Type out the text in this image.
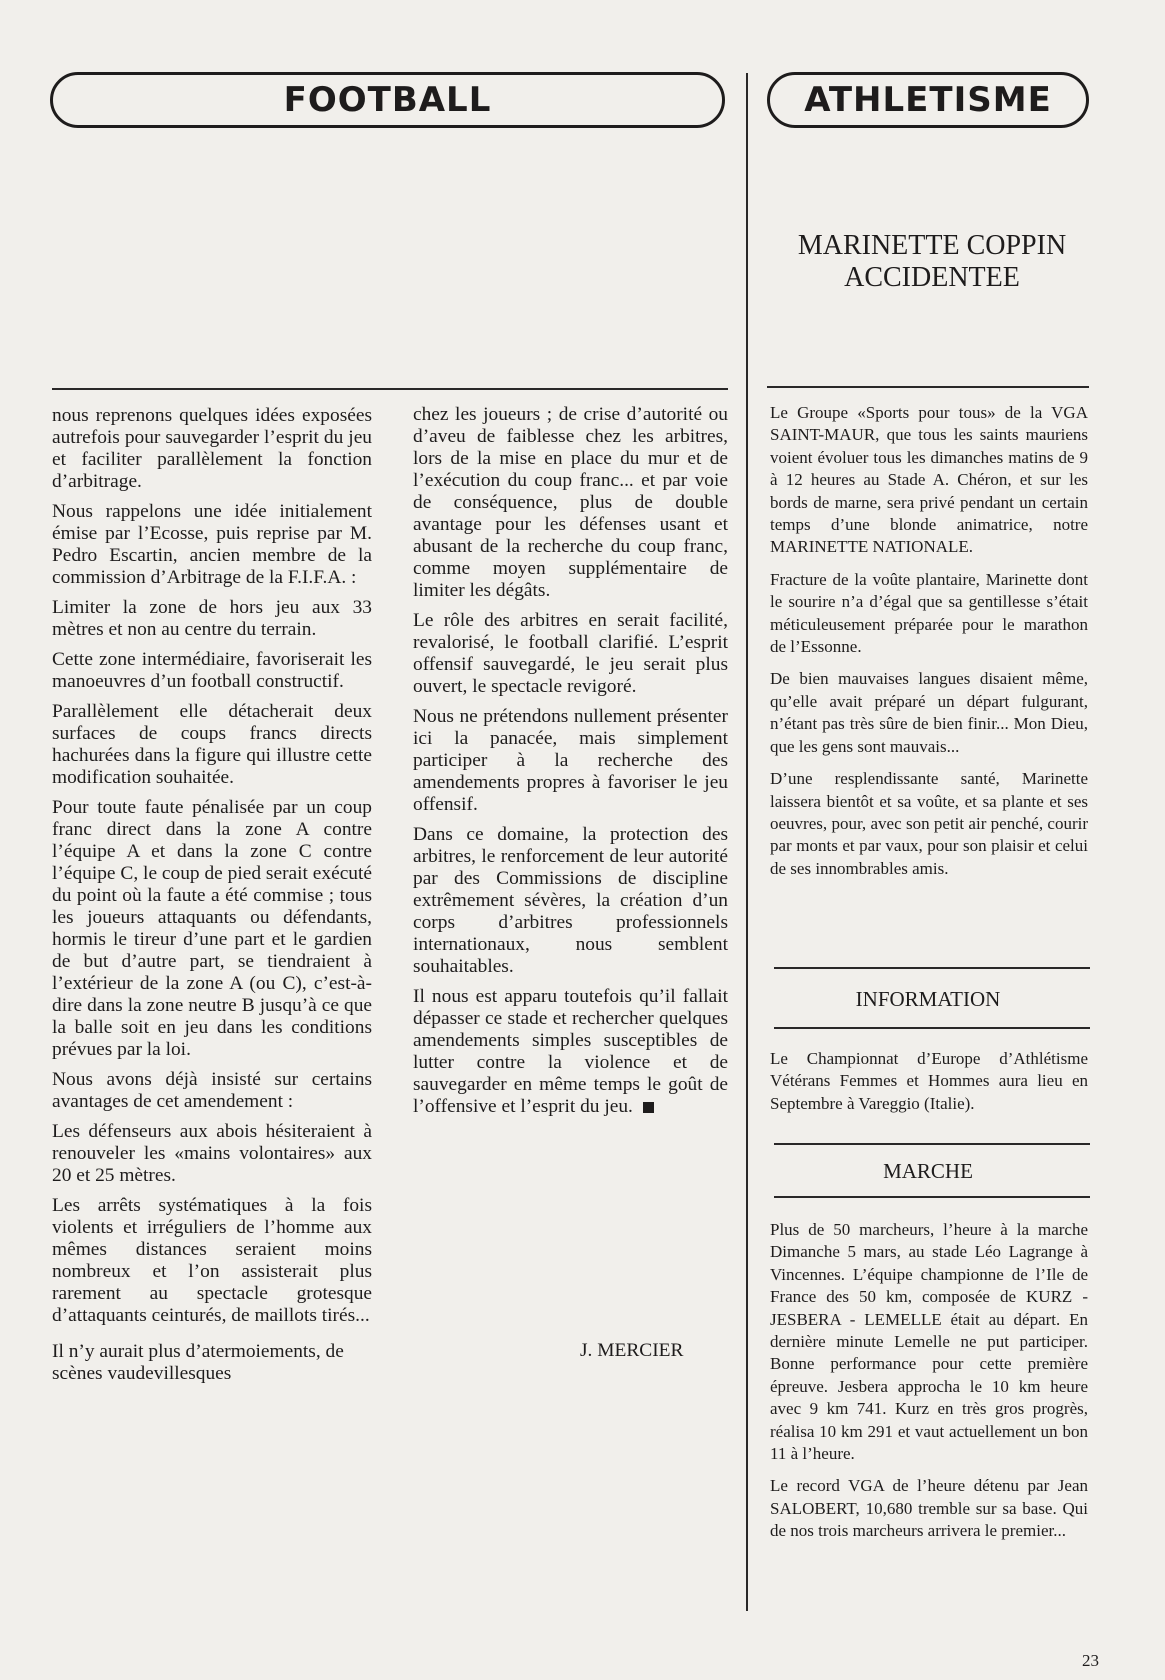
FOOTBALL	ATHLETISME

nous reprenons quelques idées exposées autrefois pour sauvegarder l’esprit du jeu et faciliter parallèlement la fonction d’arbitrage.

Nous rappelons une idée initialement émise par l’Ecosse, puis reprise par M. Pedro Escartin, ancien membre de la commission d’Arbitrage de la F.I.F.A. :

Limiter la zone de hors jeu aux 33 mètres et non au centre du terrain.

Cette zone intermédiaire, favoriserait les manoeuvres d’un football constructif.

Parallèlement elle détacherait deux surfaces de coups francs directs hachurées dans la figure qui illustre cette modification souhaitée.

Pour toute faute pénalisée par un coup franc direct dans la zone A contre l’équipe A et dans la zone C contre l’équipe C, le coup de pied serait exécuté du point où la faute a été commise ; tous les joueurs attaquants ou défendants, hormis le tireur d’une part et le gardien de but d’autre part, se tiendraient à l’extérieur de la zone A (ou C), c’est-à-dire dans la zone neutre B jusqu’à ce que la balle soit en jeu dans les conditions prévues par la loi.

Nous avons déjà insisté sur certains avantages de cet amendement :

Les défenseurs aux abois hésiteraient à renouveler les «mains volontaires» aux 20 et 25 mètres.

Les arrêts systématiques à la fois violents et irréguliers de l’homme aux mêmes distances seraient moins nombreux et l’on assisterait plus rarement au spectacle grotesque d’attaquants ceinturés, de maillots tirés...

Il n’y aurait plus d’atermoiements, de scènes vaudevillesques

chez les joueurs ; de crise d’autorité ou d’aveu de faiblesse chez les arbitres, lors de la mise en place du mur et de l’exécution du coup franc... et par voie de conséquence, plus de double avantage pour les défenses usant et abusant de la recherche du coup franc, comme moyen supplémentaire de limiter les dégâts.

Le rôle des arbitres en serait facilité, revalorisé, le football clarifié. L’esprit offensif sauvegardé, le jeu serait plus ouvert, le spectacle revigoré.

Nous ne prétendons nullement présenter ici la panacée, mais simplement participer à la recherche des amendements propres à favoriser le jeu offensif.

Dans ce domaine, la protection des arbitres, le renforcement de leur autorité par des Commissions de discipline extrêmement sévères, la création d’un corps d’arbitres professionnels internationaux, nous semblent souhaitables.

Il nous est apparu toutefois qu’il fallait dépasser ce stade et rechercher quelques amendements simples susceptibles de lutter contre la violence et de sauvegarder en même temps le goût de l’offensive et l’esprit du jeu.

J. MERCIER
MARINETTE COPPIN ACCIDENTEE

Le Groupe «Sports pour tous» de la VGA SAINT-MAUR, que tous les saints mauriens voient évoluer tous les dimanches matins de 9 à 12 heures au Stade A. Chéron, et sur les bords de marne, sera privé pendant un certain temps d’une blonde animatrice, notre MARINETTE NATIONALE.

Fracture de la voûte plantaire, Marinette dont le sourire n’a d’égal que sa gentillesse s’était méticuleusement préparée pour le marathon de l’Essonne.

De bien mauvaises langues disaient même, qu’elle avait préparé un départ fulgurant, n’étant pas très sûre de bien finir... Mon Dieu, que les gens sont mauvais...

D’une resplendissante santé, Marinette laissera bientôt et sa voûte, et sa plante et ses oeuvres, pour, avec son petit air penché, courir par monts et par vaux, pour son plaisir et celui de ses innombrables amis.

INFORMATION
Le Championnat d’Europe d’Athlétisme Vétérans Femmes et Hommes aura lieu en Septembre à Vareggio (Italie).
MARCHE

Plus de 50 marcheurs, l’heure à la marche Dimanche 5 mars, au stade Léo Lagrange à Vincennes. L’équipe championne de l’Ile de France des 50 km, composée de KURZ - JESBERA - LEMELLE était au départ. En dernière minute Lemelle ne put participer. Bonne performance pour cette première épreuve. Jesbera approcha le 10 km heure avec 9 km 741. Kurz en très gros progrès, réalisa 10 km 291 et vaut actuellement un bon 11 à l’heure.

Le record VGA de l’heure détenu par Jean SALOBERT, 10,680 tremble sur sa base. Qui de nos trois marcheurs arrivera le premier...

23
